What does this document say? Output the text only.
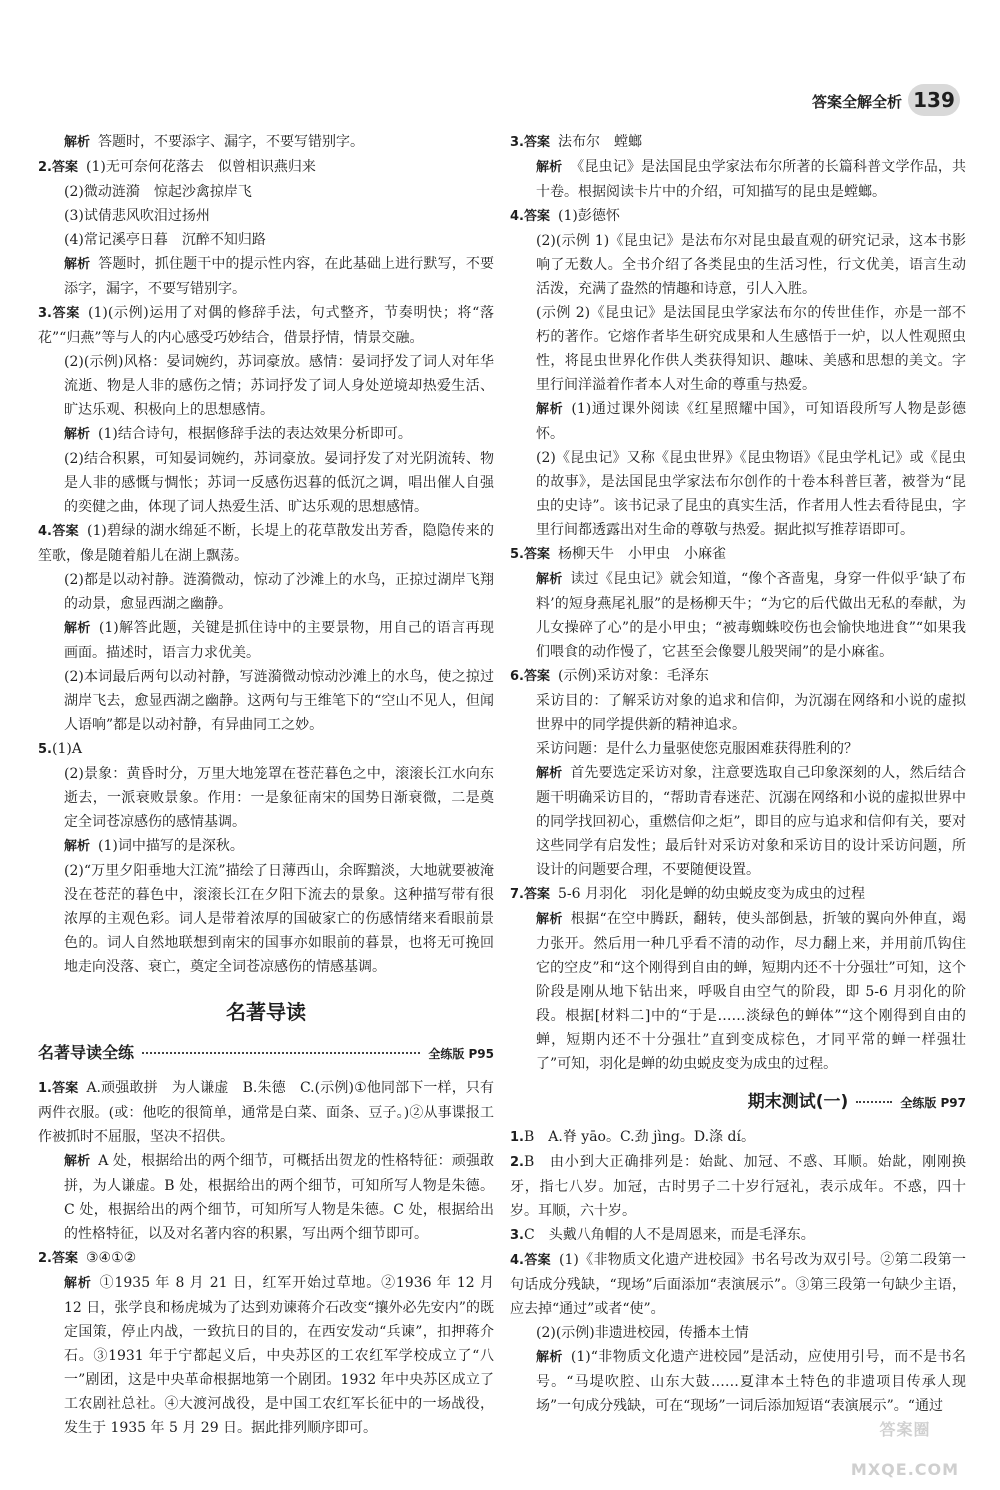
答案全解全析 139

解析 答题时，不要添字、漏字，不要写错别字。

2.答案 (1)无可奈何花落去　似曾相识燕归来

(2)微动涟漪　惊起沙禽掠岸飞

(3)试倩悲风吹泪过扬州

(4)常记溪亭日暮　沉醉不知归路

解析 答题时，抓住题干中的提示性内容，在此基础上进行默写，不要添字，漏字，不要写错别字。

3.答案 (1)(示例)运用了对偶的修辞手法，句式整齐，节奏明快；将“落花”“归燕”等与人的内心感受巧妙结合，借景抒情，情景交融。

(2)(示例)风格：晏词婉约，苏词豪放。感情：晏词抒发了词人对年华流逝、物是人非的感伤之情；苏词抒发了词人身处逆境却热爱生活、旷达乐观、积极向上的思想感情。

解析 (1)结合诗句，根据修辞手法的表达效果分析即可。

(2)结合积累，可知晏词婉约，苏词豪放。晏词抒发了对光阴流转、物是人非的感慨与惆怅；苏词一反感伤迟暮的低沉之调，唱出催人自强的奕健之曲，体现了词人热爱生活、旷达乐观的思想感情。

4.答案 (1)碧绿的湖水绵延不断，长堤上的花草散发出芳香，隐隐传来的笙歌，像是随着船儿在湖上飘荡。

(2)都是以动衬静。涟漪微动，惊动了沙滩上的水鸟，正掠过湖岸飞翔的动景，愈显西湖之幽静。

解析 (1)解答此题，关键是抓住诗中的主要景物，用自己的语言再现画面。描述时，语言力求优美。

(2)本词最后两句以动衬静，写涟漪微动惊动沙滩上的水鸟，使之掠过湖岸飞去，愈显西湖之幽静。这两句与王维笔下的“空山不见人，但闻人语响”都是以动衬静，有异曲同工之妙。

5.(1)A

(2)景象：黄昏时分，万里大地笼罩在苍茫暮色之中，滚滚长江水向东逝去，一派衰败景象。作用：一是象征南宋的国势日渐衰微，二是奠定全词苍凉感伤的感情基调。

解析 (1)词中描写的是深秋。

(2)“万里夕阳垂地大江流”描绘了日薄西山，余晖黯淡，大地就要被淹没在苍茫的暮色中，滚滚长江在夕阳下流去的景象。这种描写带有很浓厚的主观色彩。词人是带着浓厚的国破家亡的伤感情绪来看眼前景色的。词人自然地联想到南宋的国事亦如眼前的暮景，也将无可挽回地走向没落、衰亡，奠定全词苍凉感伤的情感基调。

名著导读
名著导读全练	全练版 P95

1.答案 A.顽强敢拼　为人谦虚　B.朱德　C.(示例)①他同部下一样，只有两件衣服。(或：他吃的很简单，通常是白菜、面条、豆子。)②从事谍报工作被抓时不屈服，坚决不招供。

解析 A 处，根据给出的两个细节，可概括出贺龙的性格特征：顽强敢拼，为人谦虚。B 处，根据给出的两个细节，可知所写人物是朱德。C 处，根据给出的两个细节，可知所写人物是朱德。C 处，根据给出的性格特征，以及对名著内容的积累，写出两个细节即可。

2.答案 ③④①②

解析 ①1935 年 8 月 21 日，红军开始过草地。②1936 年 12 月 12 日，张学良和杨虎城为了达到劝谏蒋介石改变“攘外必先安内”的既定国策，停止内战，一致抗日的目的，在西安发动“兵谏”，扣押蒋介石。③1931 年于宁都起义后，中央苏区的工农红军学校成立了“八一”剧团，这是中央革命根据地第一个剧团。1932 年中央苏区成立了工农剧社总社。④大渡河战役，是中国工农红军长征中的一场战役，发生于 1935 年 5 月 29 日。据此排列顺序即可。

3.答案 法布尔　螳螂

解析 《昆虫记》是法国昆虫学家法布尔所著的长篇科普文学作品，共十卷。根据阅读卡片中的介绍，可知描写的昆虫是螳螂。

4.答案 (1)彭德怀

(2)(示例 1)《昆虫记》是法布尔对昆虫最直观的研究记录，这本书影响了无数人。全书介绍了各类昆虫的生活习性，行文优美，语言生动活泼，充满了盎然的情趣和诗意，引人入胜。

(示例 2)《昆虫记》是法国昆虫学家法布尔的传世佳作，亦是一部不朽的著作。它熔作者毕生研究成果和人生感悟于一炉，以人性观照虫性，将昆虫世界化作供人类获得知识、趣味、美感和思想的美文。字里行间洋溢着作者本人对生命的尊重与热爱。

解析 (1)通过课外阅读《红星照耀中国》，可知语段所写人物是彭德怀。

(2)《昆虫记》又称《昆虫世界》《昆虫物语》《昆虫学札记》或《昆虫的故事》，是法国昆虫学家法布尔创作的十卷本科普巨著，被誉为“昆虫的史诗”。该书记录了昆虫的真实生活，作者用人性去看待昆虫，字里行间都透露出对生命的尊敬与热爱。据此拟写推荐语即可。

5.答案 杨柳天牛　小甲虫　小麻雀

解析 读过《昆虫记》就会知道，“像个吝啬鬼，身穿一件似乎‘缺了布料’的短身燕尾礼服”的是杨柳天牛；“为它的后代做出无私的奉献，为儿女操碎了心”的是小甲虫；“被毒蜘蛛咬伤也会愉快地进食”“如果我们喂食的动作慢了，它甚至会像婴儿般哭闹”的是小麻雀。

6.答案 (示例)采访对象：毛泽东

采访目的：了解采访对象的追求和信仰，为沉溺在网络和小说的虚拟世界中的同学提供新的精神追求。

采访问题：是什么力量驱使您克服困难获得胜利的？

解析 首先要选定采访对象，注意要选取自己印象深刻的人，然后结合题干明确采访目的，“帮助青春迷茫、沉溺在网络和小说的虚拟世界中的同学找回初心，重燃信仰之炬”，即目的应与追求和信仰有关，要对这些同学有启发性；最后针对采访对象和采访目的设计采访问题，所设计的问题要合理，不要随便设置。

7.答案 5-6 月羽化　羽化是蝉的幼虫蜕皮变为成虫的过程

解析 根据“在空中腾跃，翻转，使头部倒悬，折皱的翼向外伸直，竭力张开。然后用一种几乎看不清的动作，尽力翻上来，并用前爪钩住它的空皮”和“这个刚得到自由的蝉，短期内还不十分强壮”可知，这个阶段是刚从地下钻出来，呼吸自由空气的阶段，即 5-6 月羽化的阶段。根据[材料二]中的“于是……淡绿色的蝉体”“这个刚得到自由的蝉，短期内还不十分强壮”直到变成棕色，才同平常的蝉一样强壮了”可知，羽化是蝉的幼虫蜕皮变为成虫的过程。

期末测试(一)	全练版 P97

1.B　A.脊 yāo。C.劲 jìng。D.涤 dí。

2.B　由小到大正确排列是：始龀、加冠、不惑、耳顺。始龀，刚刚换牙，指七八岁。加冠，古时男子二十岁行冠礼，表示成年。不惑，四十岁。耳顺，六十岁。

3.C　头戴八角帽的人不是周恩来，而是毛泽东。

4.答案 (1)《非物质文化遗产进校园》书名号改为双引号。②第二段第一句话成分残缺，“现场”后面添加“表演展示”。③第三段第一句缺少主语，应去掉“通过”或者“使”。

(2)(示例)非遗进校园，传播本土情

解析 (1)“非物质文化遗产进校园”是活动，应使用引号，而不是书名号。“马堤吹腔、山东大鼓……夏津本土特色的非遗项目传承人现场”一句成分残缺，可在“现场”一词后添加短语“表演展示”。“通过

答案圈 MXQE.COM
